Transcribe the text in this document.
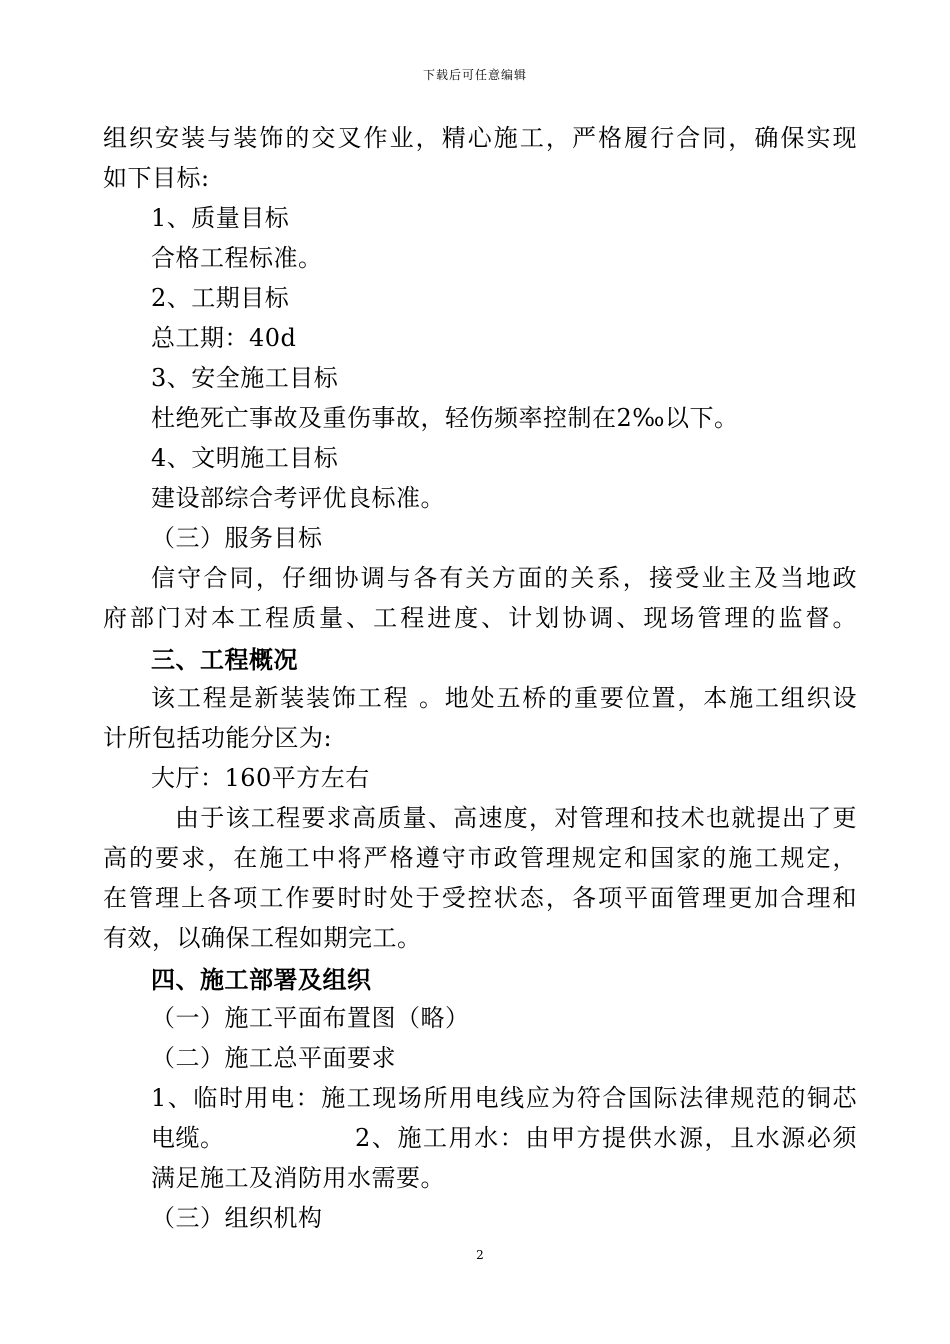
下载后可任意编辑
组织安装与装饰的交叉作业，精心施工，严格履行合同，确保实现
如下目标:
1、质量目标
合格工程标准。
2、工期目标
总工期：40d
3、安全施工目标
杜绝死亡事故及重伤事故，轻伤频率控制在2‰以下。
4、文明施工目标
建设部综合考评优良标准。
（三）服务目标
信守合同，仔细协调与各有关方面的关系，接受业主及当地政
府部门对本工程质量、工程进度、计划协调、现场管理的监督。
三、工程概况
该工程是新装装饰工程 。地处五桥的重要位置，本施工组织设
计所包括功能分区为:
大厅：160平方左右
由于该工程要求高质量、高速度，对管理和技术也就提出了更
高的要求，在施工中将严格遵守市政管理规定和国家的施工规定，
在管理上各项工作要时时处于受控状态，各项平面管理更加合理和
有效，以确保工程如期完工。
四、施工部署及组织
（一）施工平面布置图（略）
（二）施工总平面要求
1、临时用电：施工现场所用电线应为符合国际法律规范的铜芯
电缆。	2、施工用水：由甲方提供水源，且水源必须
满足施工及消防用水需要。
（三）组织机构
2
